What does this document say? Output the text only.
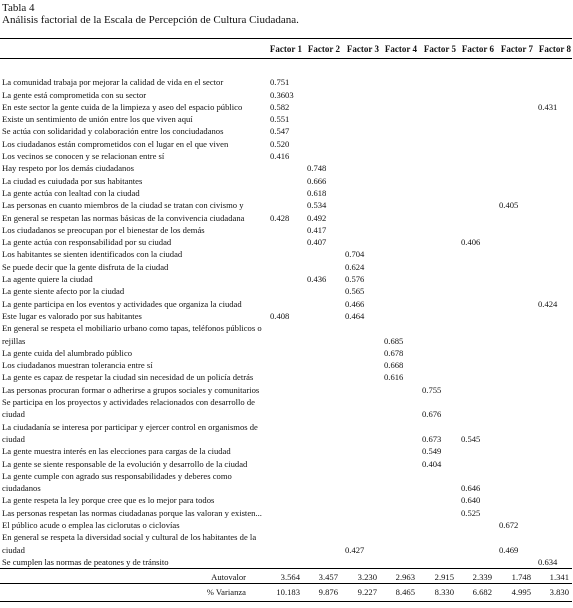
Tabla 4
Análisis factorial de la Escala de Percepción de Cultura Ciudadana.
	Factor 1	Factor 2	Factor 3	Factor 4	Factor 5	Factor 6	Factor 7	Factor 8
La comunidad trabaja por mejorar la calidad de vida en el sector	0.751							
La gente está comprometida con su sector	0.3603							
En este sector la gente cuida de la limpieza y aseo del espacio público	0.582							0.431
Existe un sentimiento de unión entre los que viven aquí	0.551							
Se actúa con solidaridad y colaboración entre los conciudadanos	0.547							
Los ciudadanos están comprometidos con el lugar en el que viven	0.520							
Los vecinos se conocen y se relacionan entre sí	0.416							
Hay respeto por los demás ciudadanos		0.748						
La ciudad es cuiudada por sus habitantes		0.666						
La gente actúa con lealtad con la ciudad		0.618						
Las personas en cuanto miembros de la ciudad se tratan con civismo y		0.534					0.405	
En general se respetan las normas básicas de la convivencia ciudadana	0.428	0.492						
Los ciudadanos se preocupan por el bienestar de los demás		0.417						
La gente actúa con responsabilidad por su ciudad		0.407				0.406		
Los habitantes se sienten identificados con la ciudad			0.704					
Se puede decir que la gente disfruta de la ciudad			0.624					
La agente quiere la ciudad		0.436	0.576					
La gente siente afecto por la ciudad			0.565					
La gente participa en los eventos y actividades que organiza la ciudad			0.466					0.424
Este lugar es valorado por sus habitantes	0.408		0.464					
En general se respeta el mobiliario urbano como tapas, teléfonos públicos o rejillas				0.685				
La gente cuida del alumbrado público				0.678				
Los ciudadanos muestran tolerancia entre sí				0.668				
La gente es capaz de respetar la ciudad sin necesidad de un policía detrás				0.616				
Las personas procuran formar o adherirse a grupos sociales y comunitarios					0.755			
Se participa en los proyectos y actividades relacionados con desarrollo de ciudad					0.676			
La ciudadanía se interesa por participar y ejercer control en organismos de ciudad					0.673	0.545		
La gente muestra interés en las elecciones para cargas de la ciudad					0.549			
La gente se siente responsable de la evolución y desarrollo de la ciudad					0.404			
La gente cumple con agrado sus responsabilidades y deberes como ciudadanos						0.646		
La gente respeta la ley porque cree que es lo mejor para todos						0.640		
Las personas respetan las normas ciudadanas porque las valoran y existen...						0.525		
El público acude o emplea las ciclorutas o ciclovías							0.672	
En general se respeta la diversidad social y cultural de los habitantes de la ciudad			0.427				0.469	
Se cumplen las normas de peatones y de tránsito								0.634
Autovalor	3.564	3.457	3.230	2.963	2.915	2.339	1.748	1.341
% Varianza	10.183	9.876	9.227	8.465	8.330	6.682	4.995	3.830
